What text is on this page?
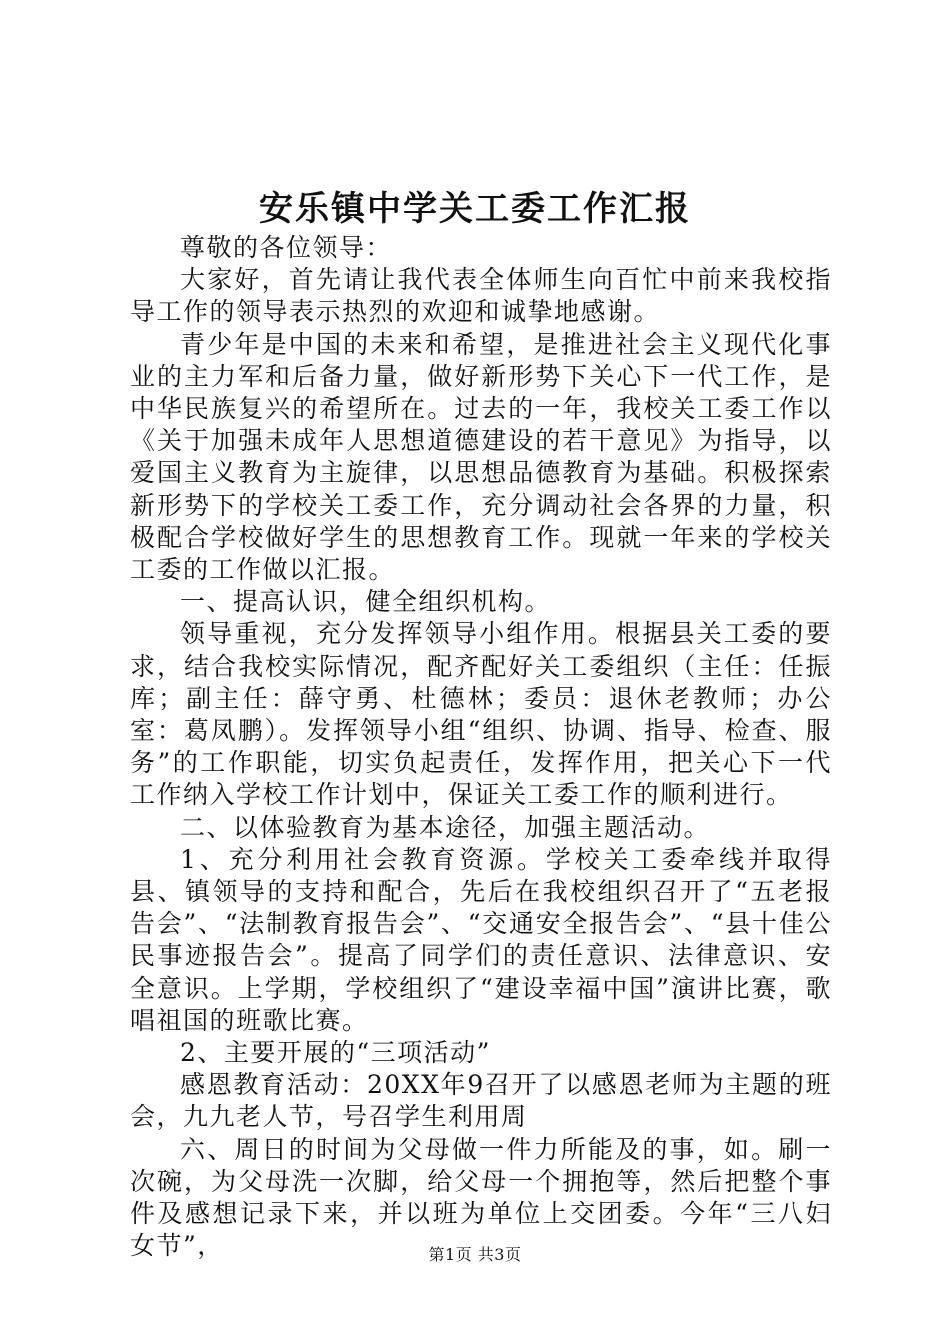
安乐镇中学关工委工作汇报

尊敬的各位领导：

大家好，首先请让我代表全体师生向百忙中前来我校指导工作的领导表示热烈的欢迎和诚挚地感谢。

青少年是中国的未来和希望，是推进社会主义现代化事业的主力军和后备力量，做好新形势下关心下一代工作，是中华民族复兴的希望所在。过去的一年，我校关工委工作以《关于加强未成年人思想道德建设的若干意见》为指导，以爱国主义教育为主旋律，以思想品德教育为基础。积极探索新形势下的学校关工委工作，充分调动社会各界的力量，积极配合学校做好学生的思想教育工作。现就一年来的学校关工委的工作做以汇报。

一、提高认识，健全组织机构。

领导重视，充分发挥领导小组作用。根据县关工委的要求，结合我校实际情况，配齐配好关工委组织（主任：任振库；副主任：薛守勇、杜德林；委员：退休老教师；办公室：葛凤鹏）。发挥领导小组“组织、协调、指导、检查、服务”的工作职能，切实负起责任，发挥作用，把关心下一代工作纳入学校工作计划中，保证关工委工作的顺利进行。

二、以体验教育为基本途径，加强主题活动。

1、充分利用社会教育资源。学校关工委牵线并取得县、镇领导的支持和配合，先后在我校组织召开了“五老报告会”、“法制教育报告会”、“交通安全报告会”、“县十佳公民事迹报告会”。提高了同学们的责任意识、法律意识、安全意识。上学期，学校组织了“建设幸福中国”演讲比赛，歌唱祖国的班歌比赛。

2、主要开展的“三项活动”

感恩教育活动：20XX年9召开了以感恩老师为主题的班会，九九老人节，号召学生利用周

六、周日的时间为父母做一件力所能及的事，如。刷一次碗，为父母洗一次脚，给父母一个拥抱等，然后把整个事件及感想记录下来，并以班为单位上交团委。今年“三八妇女节”，	第1页 共3页
